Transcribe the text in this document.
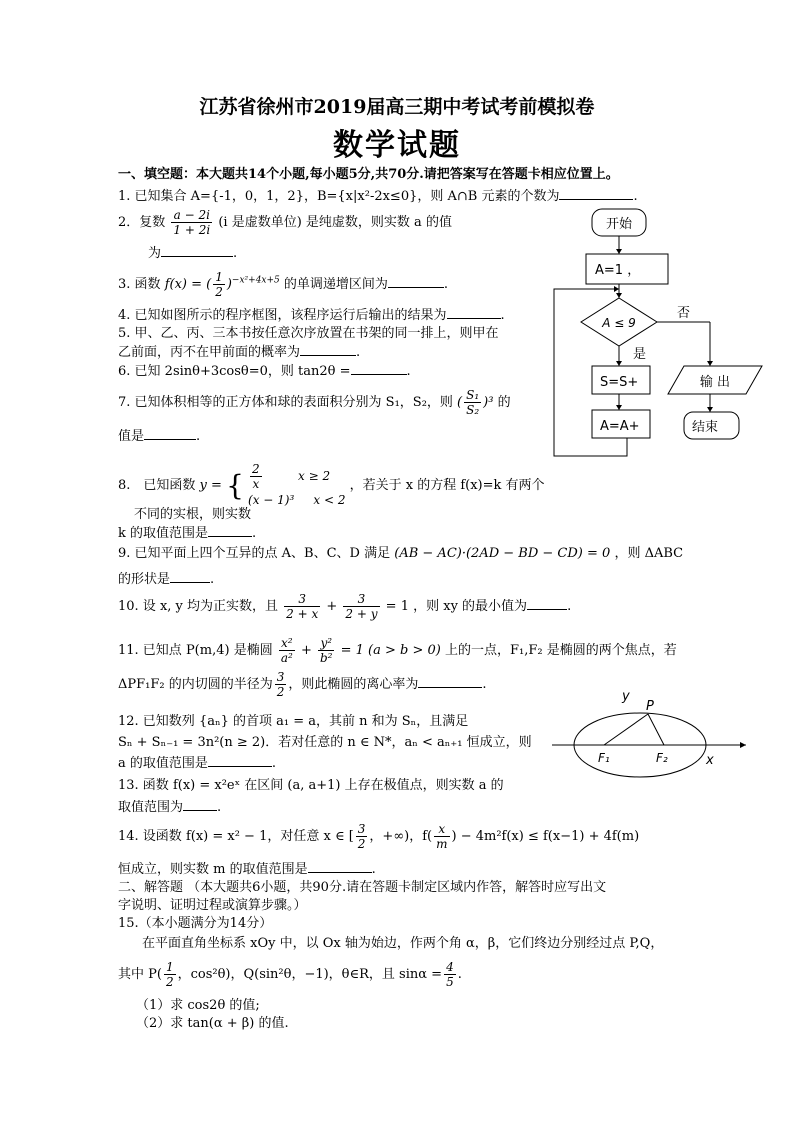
江苏省徐州市2019届高三期中考试考前模拟卷
数学试题
一、填空题：本大题共14个小题,每小题5分,共70分.请把答案写在答题卡相应位置上。
1. 已知集合 A={-1，0，1，2}，B={x|x²-2x≤0}，则 A∩B 元素的个数为	.
2．复数 $\frac{a - 2i}{1 + 2i} (i$ 是虚数单位) 是纯虚数，则实数 a 的值
为	.
3. 函数 f(x) = ( $\frac{1}{2} )^{-x^2+4x+5}$ 的单调递增区间为	.
4. 已知如图所示的程序框图，该程序运行后输出的结果为	.
5. 甲、乙、丙、三本书按任意次序放置在书架的同一排上，则甲在
乙前面，丙不在甲前面的概率为	.
6. 已知 2sinθ+3cosθ=0，则 tan2θ =	.
7. 已知体积相等的正方体和球的表面积分别为 S₁，S₂，则 ( $\frac{\text{S₁}}{\text{S₂}} )^3$ 的
值是	.
8.　已知函数 y = { $\frac{2}{x}$ x ≥ 2
(x − 1)³     x < 2
，若关于 x 的方程 f(x)=k 有两个
不同的实根，则实数
k 的取值范围是	.
9. 已知平面上四个互异的点 A、B、C、D 满足 (AB − AC)·(2AD − BD − CD) = 0 ，则 ΔABC
的形状是	.
10. 设 x, y 均为正实数，且 $\frac{3}{2 + x} + \frac{3}{2 + y} = 1$ ，则 xy 的最小值为	.
11. 已知点 P(m,4) 是椭圆 $\frac{\text{x²}}{\text{a²}} + \frac{\text{y²}}{\text{b²}} = 1$ (a > b > 0) 上的一点，F₁,F₂ 是椭圆的两个焦点，若
ΔPF₁F₂ 的内切圆的半径为 $\frac{3}{2}$ ，则此椭圆的离心率为	.
12. 已知数列 {aₙ} 的首项 a₁ = a，其前 n 和为 Sₙ，且满足
Sₙ + Sₙ₋₁ = 3n²(n ≥ 2)．若对任意的 n ∈ N*，aₙ < aₙ₊₁ 恒成立，则
a 的取值范围是	.
13. 函数 f(x) = x²eˣ 在区间 (a, a+1) 上存在极值点，则实数 a 的
取值范围为	.
14. 设函数 f(x) = x² − 1，对任意 x ∈ [ $\frac{3}{2}$ ，+∞)，$f( \frac{x}{m}$ ) − 4m²f(x) ≤ f(x−1) + 4f(m)
恒成立，则实数 m 的取值范围是	.
二、解答题 （本大题共6小题，共90分.请在答题卡制定区域内作答，解答时应写出文
字说明、证明过程或演算步骤。）
15.（本小题满分为14分）
在平面直角坐标系 xOy 中，以 Ox 轴为始边，作两个角 α，β，它们终边分别经过点 P,Q，
其中 $P( \frac{1}{2}$ ，cos²θ)，Q(sin²θ，−1)，θ∈R，且 $\sin\alpha = \frac{4}{5}$ .
（1）求 cos2θ 的值;
（2）求 tan(α + β) 的值.
开始
A=1 ，
A ≤ 9
否
是
S=S+
A=A+
输 出
结束
y
P
F₁	F₂	x
